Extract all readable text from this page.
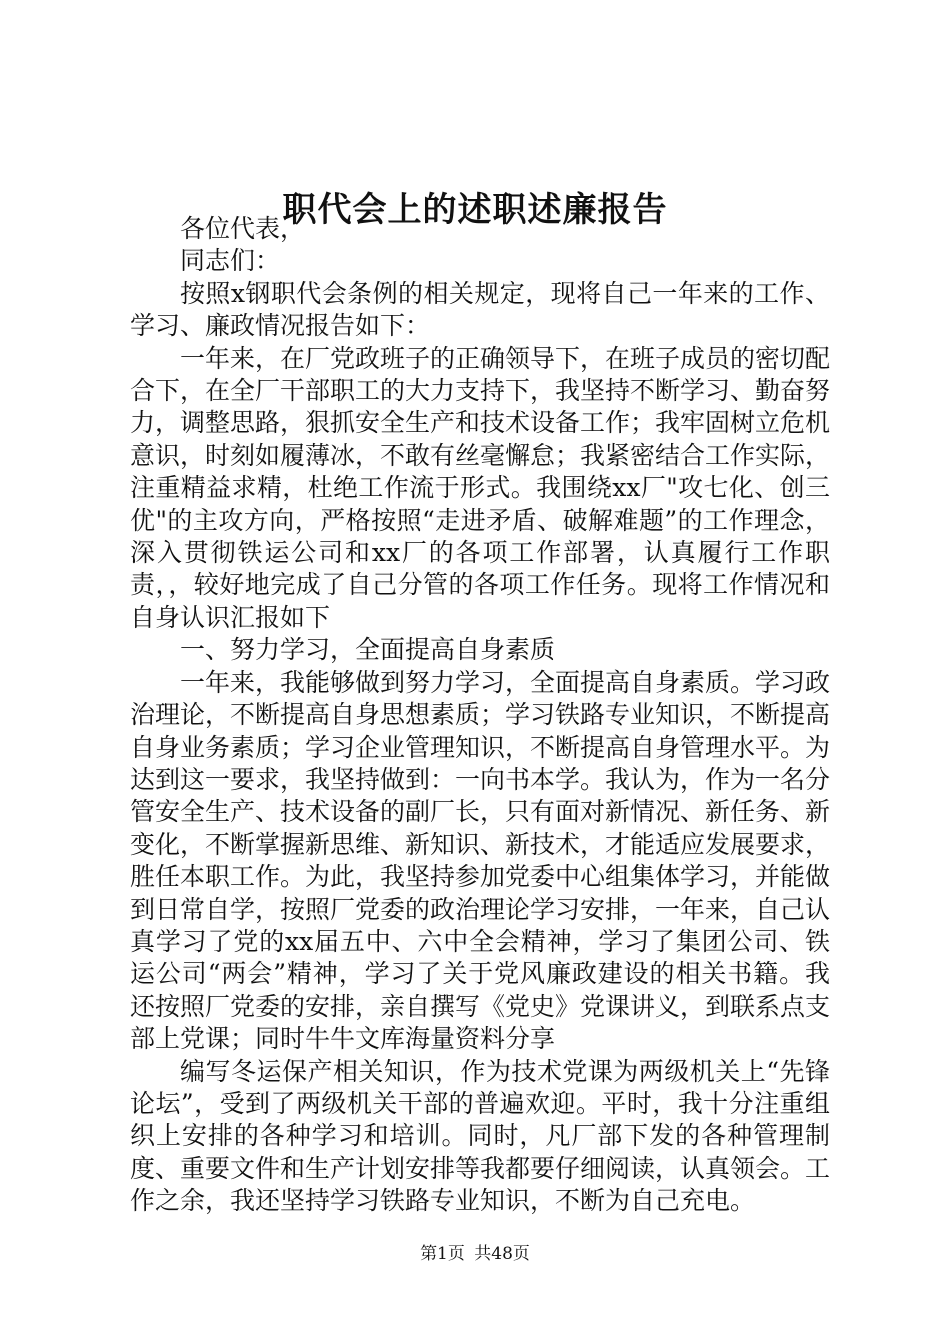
职代会上的述职述廉报告

各位代表，

同志们：

按照x钢职代会条例的相关规定，现将自己一年来的工作、学习、廉政情况报告如下：

一年来，在厂党政班子的正确领导下，在班子成员的密切配合下，在全厂干部职工的大力支持下，我坚持不断学习、勤奋努力，调整思路，狠抓安全生产和技术设备工作；我牢固树立危机意识，时刻如履薄冰，不敢有丝毫懈怠；我紧密结合工作实际，注重精益求精，杜绝工作流于形式。我围绕xx厂"攻七化、创三优"的主攻方向，严格按照“走进矛盾、破解难题”的工作理念，深入贯彻铁运公司和xx厂的各项工作部署，认真履行工作职责，，较好地完成了自己分管的各项工作任务。现将工作情况和自身认识汇报如下

一、努力学习，全面提高自身素质

一年来，我能够做到努力学习，全面提高自身素质。学习政治理论，不断提高自身思想素质；学习铁路专业知识，不断提高自身业务素质；学习企业管理知识，不断提高自身管理水平。为达到这一要求，我坚持做到：一向书本学。我认为，作为一名分管安全生产、技术设备的副厂长，只有面对新情况、新任务、新变化，不断掌握新思维、新知识、新技术，才能适应发展要求，胜任本职工作。为此，我坚持参加党委中心组集体学习，并能做到日常自学，按照厂党委的政治理论学习安排，一年来，自己认真学习了党的xx届五中、六中全会精神，学习了集团公司、铁运公司“两会”精神，学习了关于党风廉政建设的相关书籍。我还按照厂党委的安排，亲自撰写《党史》党课讲义，到联系点支部上党课；同时牛牛文库海量资料分享

编写冬运保产相关知识，作为技术党课为两级机关上“先锋论坛”，受到了两级机关干部的普遍欢迎。平时，我十分注重组织上安排的各种学习和培训。同时，凡厂部下发的各种管理制度、重要文件和生产计划安排等我都要仔细阅读，认真领会。工作之余，我还坚持学习铁路专业知识，不断为自己充电。

第1页 共48页
